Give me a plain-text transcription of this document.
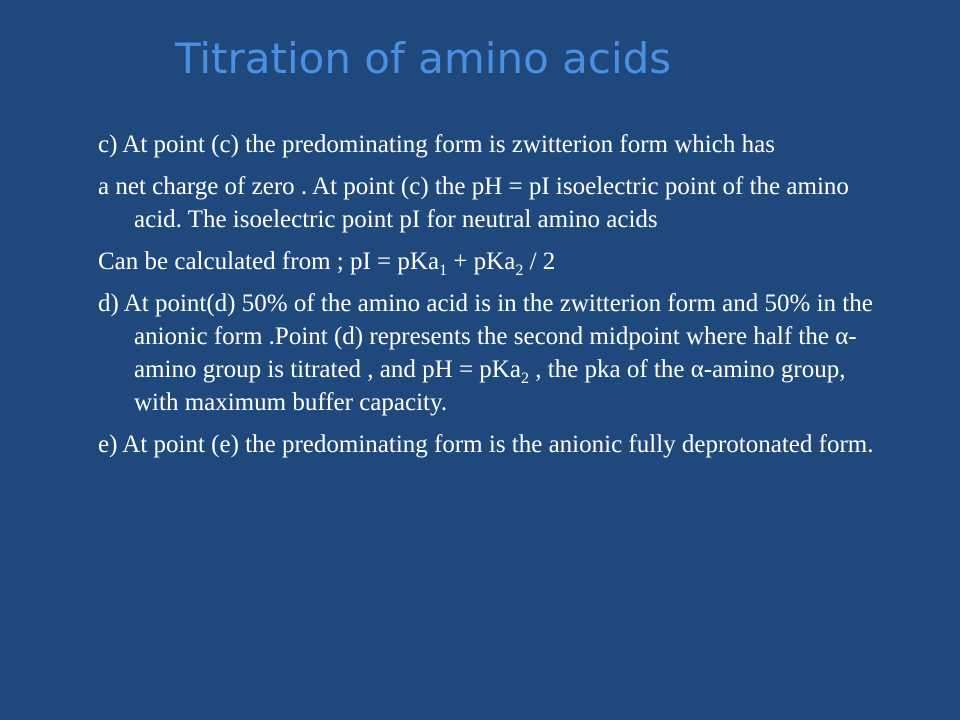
Titration of amino acids

c) At point (c) the predominating form is zwitterion form which has

a net charge of zero . At point (c) the pH = pI isoelectric point of the amino acid. The isoelectric point pI for neutral amino acids

Can be calculated from ; pI = pKa$_1$ + pKa$_2$ / 2

d) At point(d) 50% of the amino acid is in the zwitterion form and 50% in the anionic form .Point (d) represents the second midpoint where half the α-amino group is titrated , and pH = pKa$_2$ , the pka of the α-amino group, with maximum buffer capacity.

e) At point (e) the predominating form is the anionic fully deprotonated form.
